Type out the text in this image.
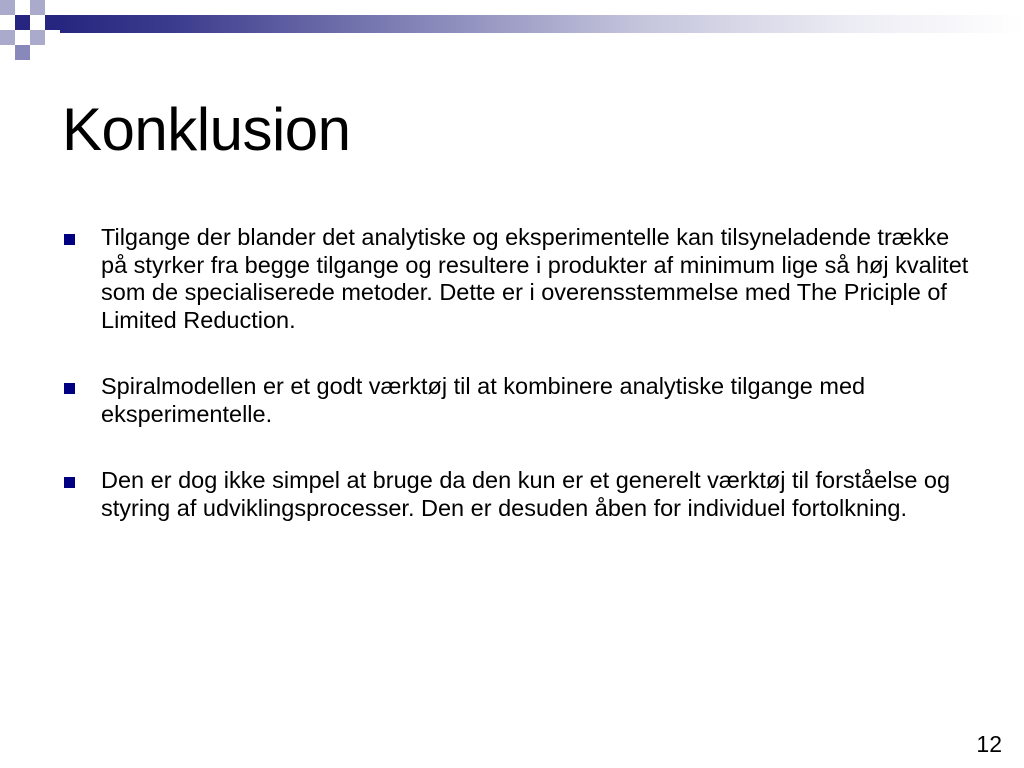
Konklusion
Tilgange der blander det analytiske og eksperimentelle kan tilsyneladende trække på styrker fra begge tilgange og resultere i produkter af minimum lige så høj kvalitet som de specialiserede metoder. Dette er i overensstemmelse med The Priciple of Limited Reduction.
Spiralmodellen er et godt værktøj til at kombinere analytiske tilgange med eksperimentelle.
Den er dog ikke simpel at bruge da den kun er et generelt værktøj til forståelse og styring af udviklingsprocesser. Den er desuden åben for individuel fortolkning.
12
